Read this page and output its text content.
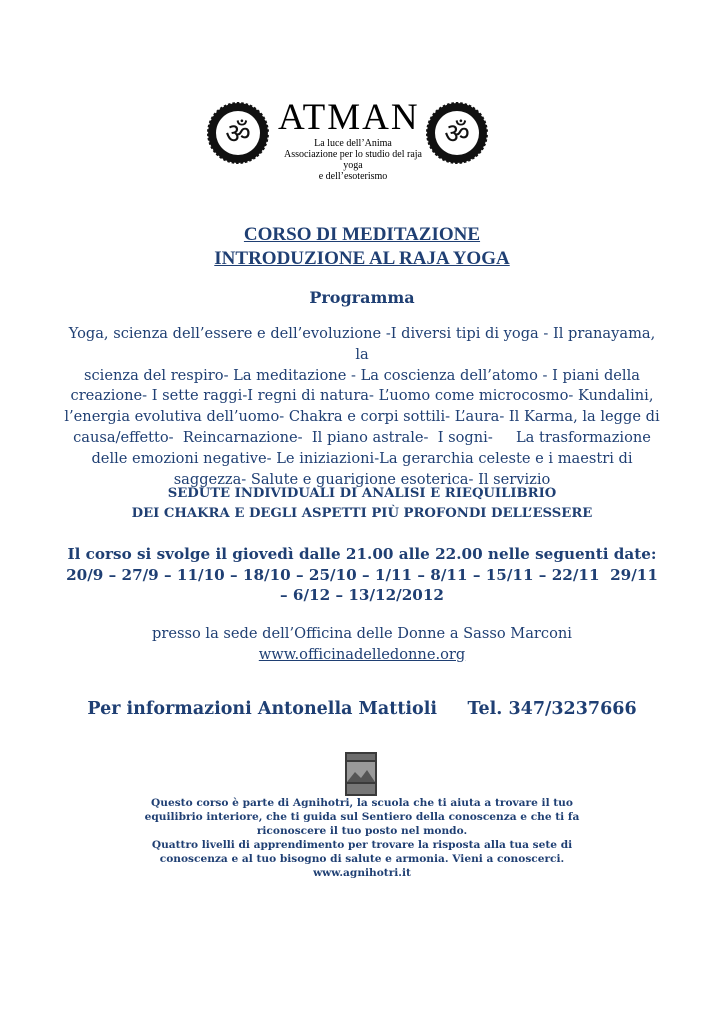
ॐ ATMAN
La luce dell’Anima
Associazione per lo studio del raja yoga
e dell’esoterismo
ॐ
CORSO DI MEDITAZIONE
INTRODUZIONE AL RAJA YOGA
Programma
Yoga, scienza dell’essere e dell’evoluzione -I diversi tipi di yoga - Il pranayama, la
scienza del respiro- La meditazione - La coscienza dell’atomo - I piani della
creazione- I sette raggi-I regni di natura- L’uomo come microcosmo- Kundalini,
l’energia evolutiva dell’uomo- Chakra e corpi sottili- L’aura- Il Karma, la legge di
causa/effetto-  Reincarnazione-  Il piano astrale-  I sogni-     La trasformazione
delle emozioni negative- Le iniziazioni-La gerarchia celeste e i maestri di
saggezza- Salute e guarigione esoterica- Il servizio
SEDUTE INDIVIDUALI DI ANALISI E RIEQUILIBRIO
DEI CHAKRA E DEGLI ASPETTI PIÙ PROFONDI DELL’ESSERE
Il corso si svolge il giovedì dalle 21.00 alle 22.00 nelle seguenti date:
20/9 – 27/9 – 11/10 – 18/10 – 25/10 – 1/11 – 8/11 – 15/11 – 22/11  29/11
– 6/12 – 13/12/2012
presso la sede dell’Officina delle Donne a Sasso Marconi
www.officinadelledonne.org
Per informazioni Antonella Mattioli     Tel. 347/3237666
Questo corso è parte di Agnihotri, la scuola che ti aiuta a trovare il tuo
equilibrio interiore, che ti guida sul Sentiero della conoscenza e che ti fa
riconoscere il tuo posto nel mondo.
Quattro livelli di apprendimento per trovare la risposta alla tua sete di
conoscenza e al tuo bisogno di salute e armonia. Vieni a conoscerci.
www.agnihotri.it
